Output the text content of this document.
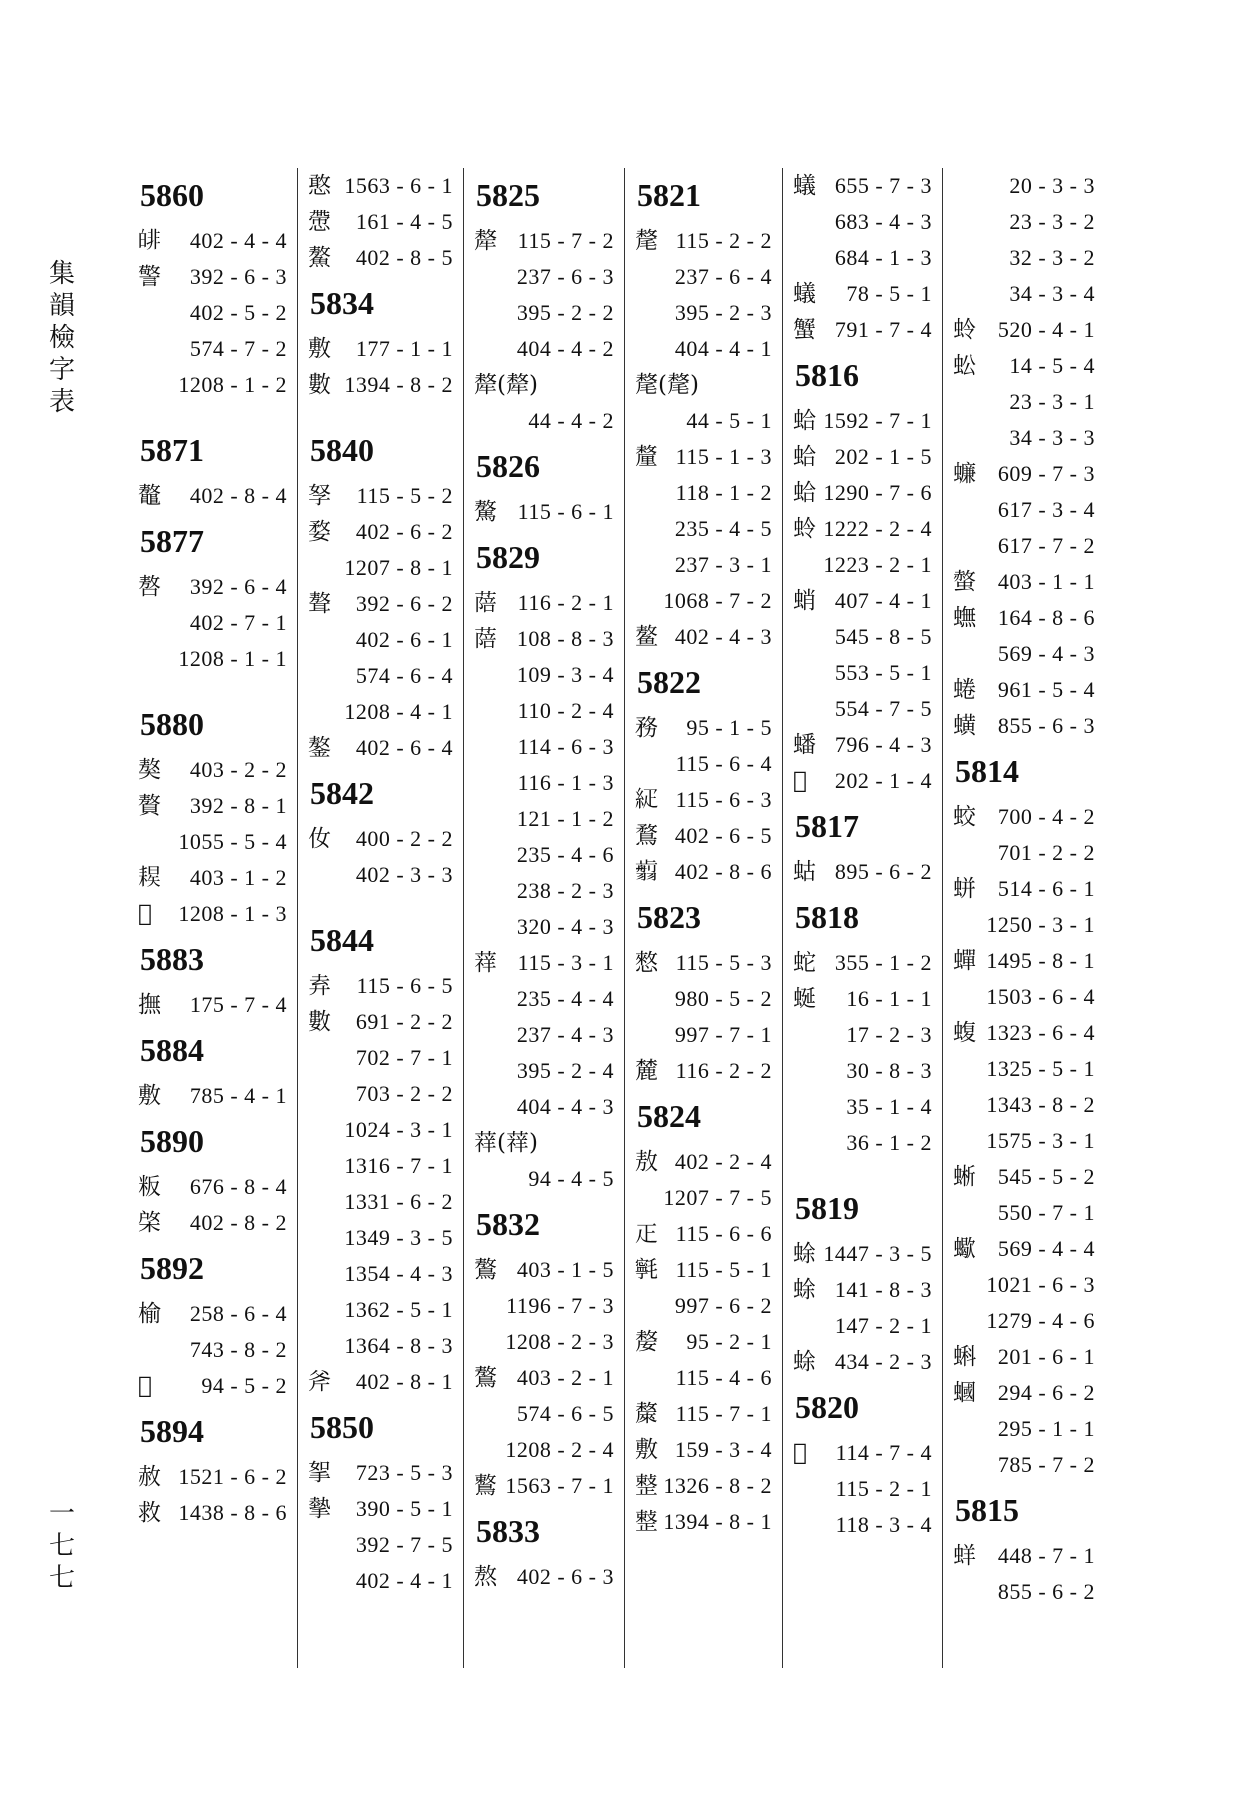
集
韻
檢
字
表
一
七
七
5860
𤾅 402 - 4 - 4
警 392 - 6 - 3
402 - 5 - 2
574 - 7 - 2
1208 - 1 - 2
5871
鼇 402 - 8 - 4
5877
嗸 392 - 6 - 4
402 - 7 - 1
1208 - 1 - 1
5880
獒 403 - 2 - 2
贅 392 - 8 - 1
1055 - 5 - 4
𦔈 403 - 1 - 2
𤾏 1208 - 1 - 3
5883
撫 175 - 7 - 4
5884
敷 785 - 4 - 1
5890
粄 676 - 8 - 4
棨 402 - 8 - 2
5892
榆 258 - 6 - 4
743 - 8 - 2
𣝴 94 - 5 - 2
5894
赦 1521 - 6 - 2
救 1438 - 8 - 6
憨 1563 - 6 - 1
慸 161 - 4 - 5
鰲 402 - 8 - 5
5834
敷 177 - 1 - 1
數 1394 - 8 - 2
5840
孥 115 - 5 - 2
婺 402 - 6 - 2
1207 - 8 - 1
聱 392 - 6 - 2
402 - 6 - 1
574 - 6 - 4
1208 - 4 - 1
鏊 402 - 6 - 4
5842
㚢 400 - 2 - 2
402 - 3 - 3
5844
弆 115 - 6 - 5
數 691 - 2 - 2
702 - 7 - 1
703 - 2 - 2
1024 - 3 - 1
1316 - 7 - 1
1331 - 6 - 2
1349 - 3 - 5
1354 - 4 - 3
1362 - 5 - 1
1364 - 8 - 3
斧 402 - 8 - 1
5850
挐 723 - 5 - 3
摰 390 - 5 - 1
392 - 7 - 5
402 - 4 - 1
5825
犛 115 - 7 - 2
237 - 6 - 3
395 - 2 - 2
404 - 4 - 2
犛(犛)
44 - 4 - 2
5826
驁 115 - 6 - 1
5829
䔒 116 - 2 - 1
䔒 108 - 8 - 3
109 - 3 - 4
110 - 2 - 4
114 - 6 - 3
116 - 1 - 3
121 - 1 - 2
235 - 4 - 6
238 - 2 - 3
320 - 4 - 3
䔗 115 - 3 - 1
235 - 4 - 4
237 - 4 - 3
395 - 2 - 4
404 - 4 - 3
䔗(䔗)
94 - 4 - 5
5832
鷔 403 - 1 - 5
1196 - 7 - 3
1208 - 2 - 3
鷔 403 - 2 - 1
574 - 6 - 5
1208 - 2 - 4
鷘 1563 - 7 - 1
5833
熬 402 - 6 - 3
5821
氂 115 - 2 - 2
237 - 6 - 4
395 - 2 - 3
404 - 4 - 1
氂(氂)
44 - 5 - 1
釐 115 - 1 - 3
118 - 1 - 2
235 - 4 - 5
237 - 3 - 1
1068 - 7 - 2
鳌 402 - 4 - 3
5822
務 95 - 1 - 5
115 - 6 - 4
𥿇 115 - 6 - 3
鶩 402 - 6 - 5
𦒕 402 - 8 - 6
5823
憗 115 - 5 - 3
980 - 5 - 2
997 - 7 - 1
麓 116 - 2 - 2
5824
敖 402 - 2 - 4
1207 - 7 - 5
𤴓 115 - 6 - 6
㲰 115 - 5 - 1
997 - 6 - 2
嫠 95 - 2 - 1
115 - 4 - 6
斄 115 - 7 - 1
敷 159 - 3 - 4
𢿫 1326 - 8 - 2
𢿫 1394 - 8 - 1
蟻 655 - 7 - 3
683 - 4 - 3
684 - 1 - 3
蟻 78 - 5 - 1
蟹 791 - 7 - 4
5816
蛤 1592 - 7 - 1
蛤 202 - 1 - 5
蛤 1290 - 7 - 6
蛉 1222 - 2 - 4
1223 - 2 - 1
蛸 407 - 4 - 1
545 - 8 - 5
553 - 5 - 1
554 - 7 - 5
蟠 796 - 4 - 3
𧓍 202 - 1 - 4
5817
蛄 895 - 6 - 2
5818
蛇 355 - 1 - 2
蜒 16 - 1 - 1
17 - 2 - 3
30 - 8 - 3
35 - 1 - 4
36 - 1 - 2
5819
蜍 1447 - 3 - 5
蜍 141 - 8 - 3
147 - 2 - 1
蜍 434 - 2 - 3
5820
𦦒 114 - 7 - 4
115 - 2 - 1
118 - 3 - 4
20 - 3 - 3
23 - 3 - 2
32 - 3 - 2
34 - 3 - 4
蛉 520 - 4 - 1
蚣 14 - 5 - 4
23 - 3 - 1
34 - 3 - 3
蠊 609 - 7 - 3
617 - 3 - 4
617 - 7 - 2
螫 403 - 1 - 1
蟱 164 - 8 - 6
569 - 4 - 3
蜷 961 - 5 - 4
蟥 855 - 6 - 3
5814
蛟 700 - 4 - 2
701 - 2 - 2
蛢 514 - 6 - 1
1250 - 3 - 1
蟬 1495 - 8 - 1
1503 - 6 - 4
蝮 1323 - 6 - 4
1325 - 5 - 1
1343 - 8 - 2
1575 - 3 - 1
蜥 545 - 5 - 2
550 - 7 - 1
蠍 569 - 4 - 4
1021 - 6 - 3
1279 - 4 - 6
蝌 201 - 6 - 1
蟈 294 - 6 - 2
295 - 1 - 1
785 - 7 - 2
5815
蛘 448 - 7 - 1
855 - 6 - 2
